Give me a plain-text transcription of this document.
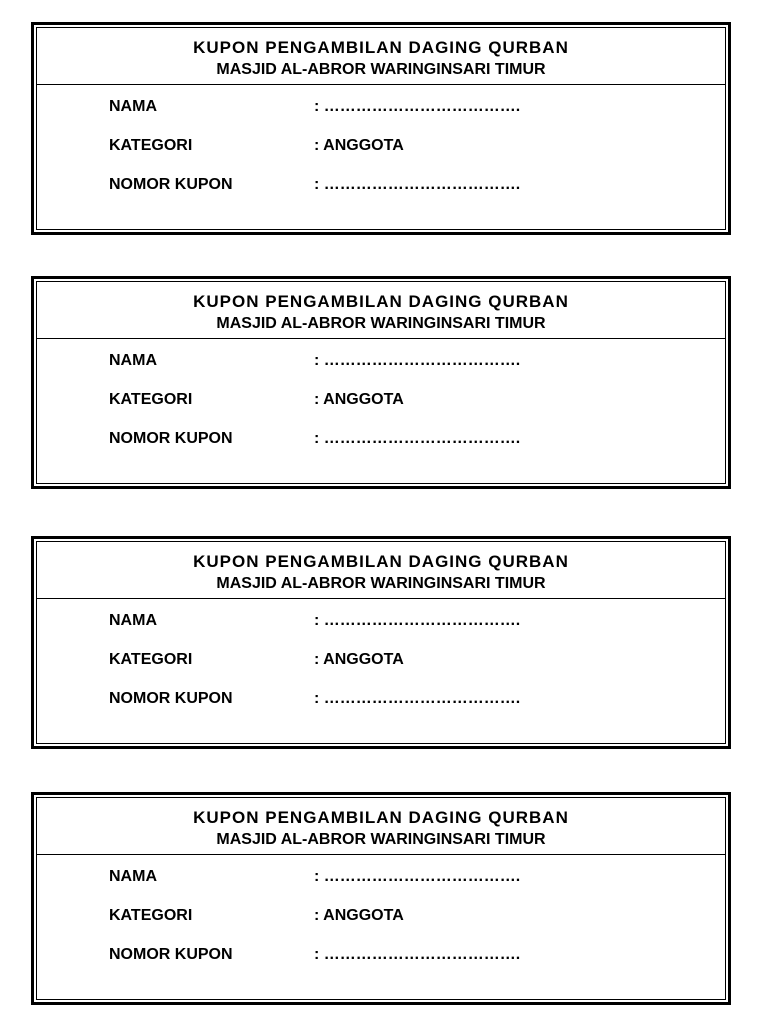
KUPON PENGAMBILAN DAGING QURBAN
MASJID AL-ABROR WARINGINSARI TIMUR
NAMA	: ……………………………….
KATEGORI	: ANGGOTA
NOMOR KUPON	: ……………………………….
KUPON PENGAMBILAN DAGING QURBAN
MASJID AL-ABROR WARINGINSARI TIMUR
NAMA	: ……………………………….
KATEGORI	: ANGGOTA
NOMOR KUPON	: ……………………………….
KUPON PENGAMBILAN DAGING QURBAN
MASJID AL-ABROR WARINGINSARI TIMUR
NAMA	: ……………………………….
KATEGORI	: ANGGOTA
NOMOR KUPON	: ……………………………….
KUPON PENGAMBILAN DAGING QURBAN
MASJID AL-ABROR WARINGINSARI TIMUR
NAMA	: ……………………………….
KATEGORI	: ANGGOTA
NOMOR KUPON	: ……………………………….
